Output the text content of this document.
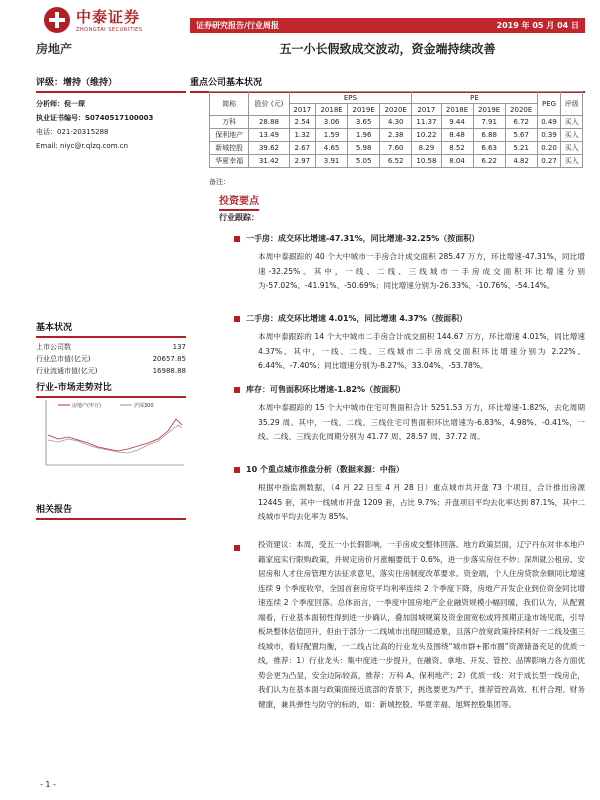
中泰证券
ZHONGTAI SECURITIES	证券研究报告/行业周报	2019 年 05 月 04 日
房地产	五一小长假致成交波动，资金端持续改善
评级：增持（维持）
分析师：倪一琛
执业证书编号：S0740517100003
电话：021-20315288
Email: niyc@r.qlzq.com.cn
基本状况
上市公司数	137
行业总市值(亿元)	20657.85
行业流通市值(亿元)	16988.88
行业-市场走势对比
房地产(申万)	沪深300
相关报告
重点公司基本状况
简称	股价 (元)	EPS				PE				PEG	评级
		2017	2018E	2019E	2020E	2017	2018E	2019E	2020E		
万科	28.88	2.54	3.06	3.65	4.30	11.37	9.44	7.91	6.72	0.49	买入
保利地产	13.49	1.32	1.59	1.96	2.38	10.22	8.48	6.88	5.67	0.39	买入
新城控股	39.62	2.67	4.65	5.98	7.60	8.29	8.52	6.63	5.21	0.20	买入
华夏幸福	31.42	2.97	3.91	5.05	6.52	10.58	8.04	6.22	4.82	0.27	买入
备注：
投资要点
行业跟踪：
一手房：成交环比增速-47.31%，同比增速-32.25%（按面积）
本周中泰跟踪的 40 个大中城市一手房合计成交面积 285.47 万方，环比增速-47.31%，同比增速-32.25%。其中，一线、二线、三线城市一手房成交面积环比增速分别为-57.02%、-41.91%、-50.69%；同比增速分别为-26.33%、-10.76%、-54.14%。
二手房：成交环比增速 4.01%，同比增速 4.37%（按面积）
本周中泰跟踪的 14 个大中城市二手房合计成交面积 144.67 万方，环比增速 4.01%，同比增速 4.37%。其中，一线、二线、三线城市二手房成交面积环比增速分别为 2.22%、6.44%、-7.40%；同比增速分别为-8.27%、33.04%、-53.78%。
库存：可售面积环比增速-1.82%（按面积）
本周中泰跟踪的 15 个大中城市住宅可售面积合计 5251.53 万方，环比增速-1.82%，去化周期 35.29 周。其中，一线、二线、三线住宅可售面积环比增速为-6.83%、4.98%、-0.41%，一线、二线、三线去化周期分别为 41.77 周、28.57 周、37.72 周。
10 个重点城市推盘分析（数据来源：中指）
根据中指监测数据，（4 月 22 日至 4 月 28 日）重点城市共开盘 73 个项目，合计推出房源 12445 套，其中一线城市开盘 1209 套，占比 9.7%；开盘项目平均去化率达到 87.1%，其中二线城市平均去化率为 85%。
投资建议：本周，受五一小长假影响，一手房成交整体回落。地方政策层面，辽宁丹东对非本地户籍家庭实行限购政策，并规定房价月涨幅要低于 0.6%，进一步落实房住不炒；深圳就公租房、安居房和人才住房管理方法征求意见，落实住房制度改革要求。资金端，个人住房贷款余额同比增速连续 9 个季度收窄，全国首套房贷平均利率连续 2 个季度下降，房地产开发企业到位资金同比增速连续 2 个季度回落。总体而言，一季度中国房地产企业融资规模小幅回暖，我们认为，从配置端看，行业基本面韧性得到进一步确认，叠加国城规策及资金面宽松或将预期正逢市场见底，引导板块整体估值回升，但由于部分一二线城市出现回暖迹象，且落户放宽政策持续利好一二线及强三线城市，看好配置均衡，一二线占比高的行业龙头及围绕“城市群+都市圈”资源储备充足的优质一线，推荐：1）行业龙头：集中度进一步提升，在融资、拿地、开发、管控、品牌影响力各方面优势会更为凸显，安全边际较高，推荐：万科 A、保利地产；2）优质一线：对于成长型一线房企，我们认为在基本面与政策面接近底部的背景下，挑选要更为严于，推荐管控高效、杠杆合理、财务健康，兼具弹性与防守的标的，如：新城控股、华夏幸福、旭辉控股集团等。
- 1 -
